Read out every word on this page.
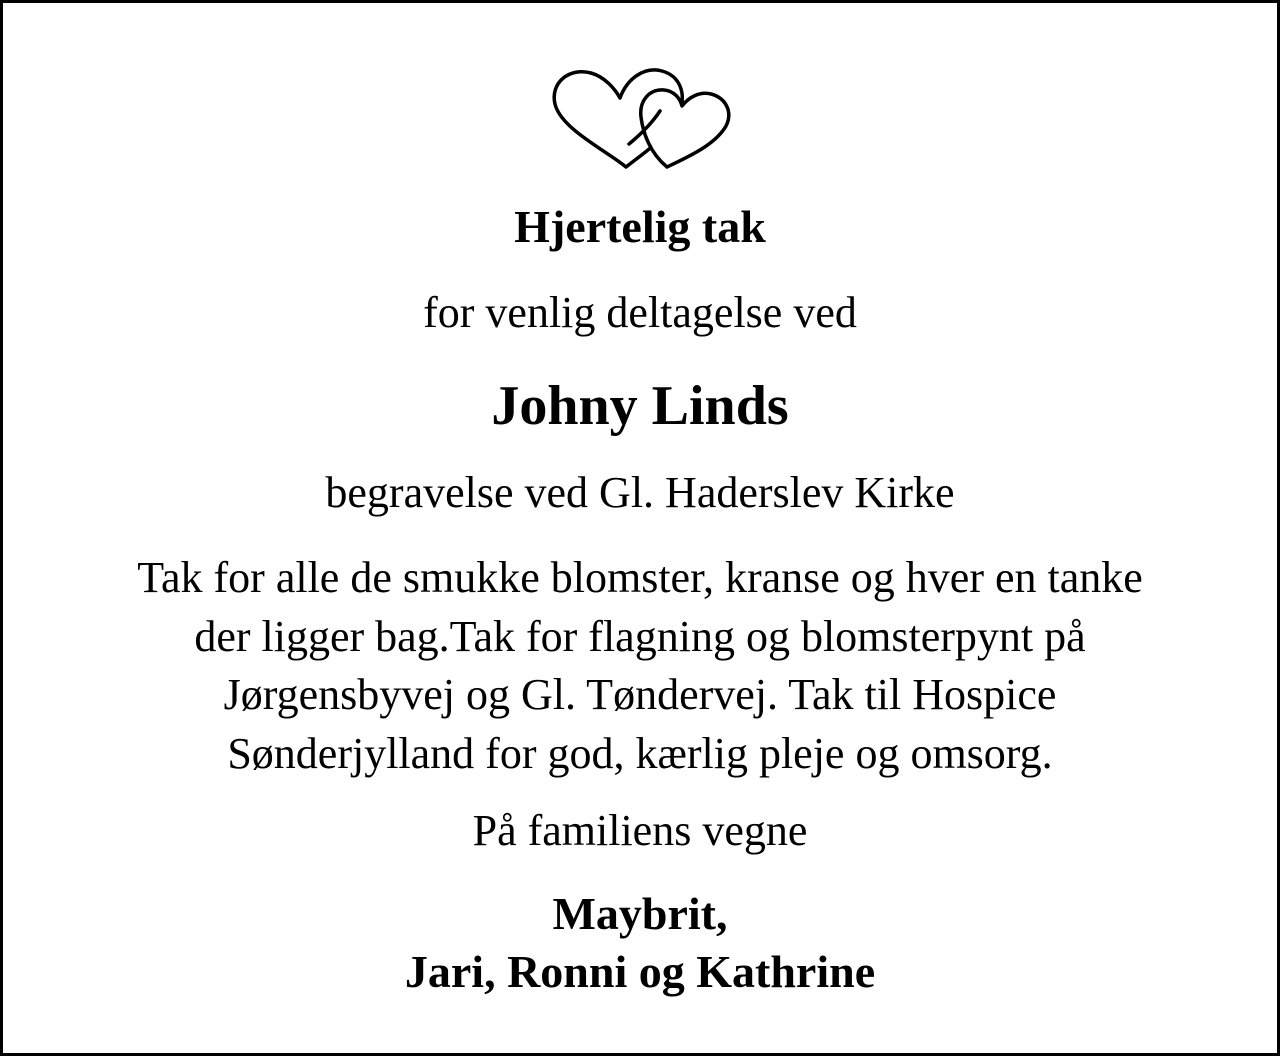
Hjertelig tak
for venlig deltagelse ved
Johny Linds
begravelse ved Gl. Haderslev Kirke
Tak for alle de smukke blomster, kranse og hver en tanke
der ligger bag.Tak for flagning og blomsterpynt på
Jørgensbyvej og Gl. Tøndervej. Tak til Hospice
Sønderjylland for god, kærlig pleje og omsorg.
På familiens vegne
Maybrit,
Jari, Ronni og Kathrine
